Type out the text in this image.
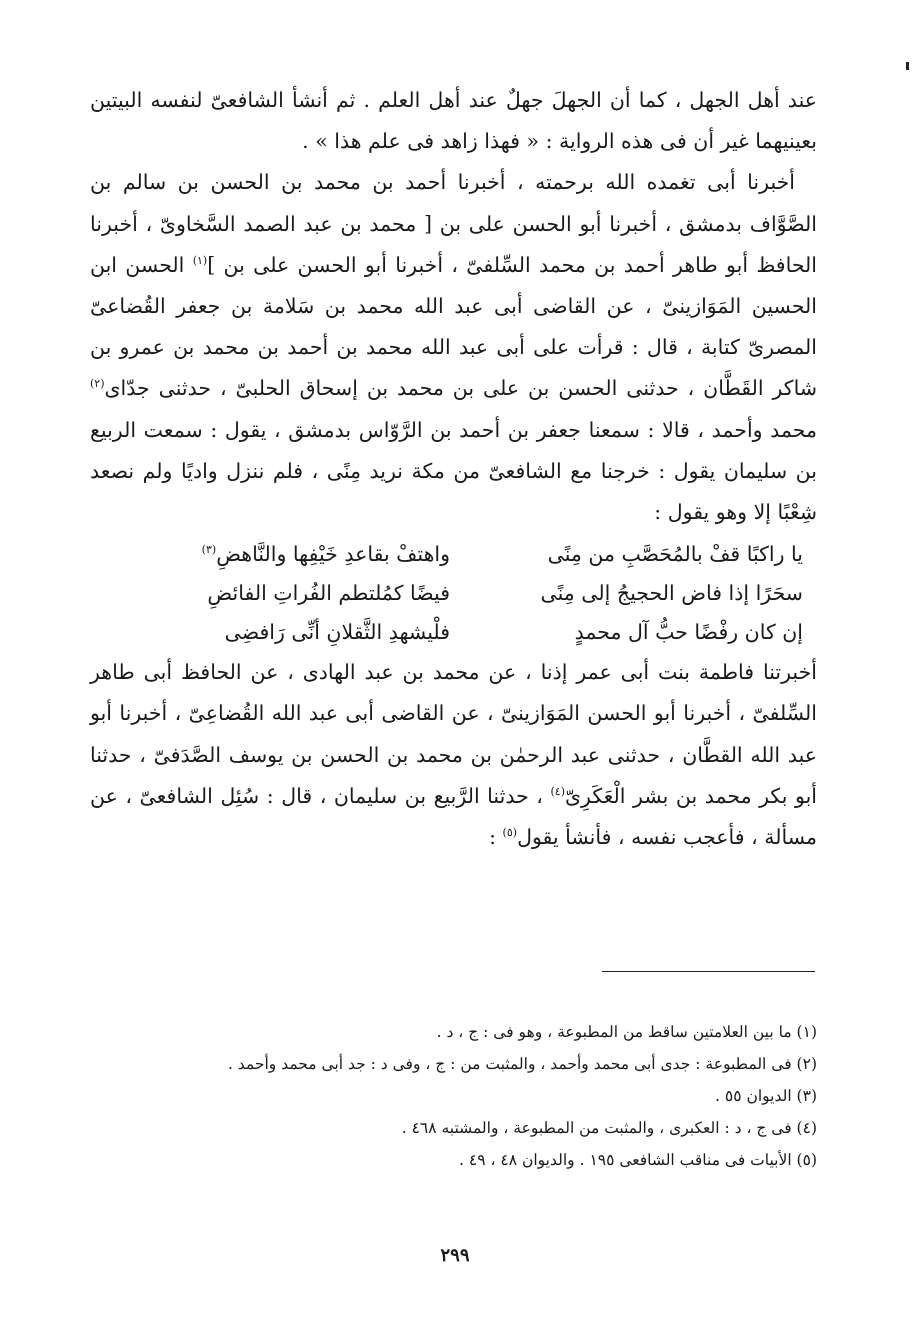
عند أهل الجهل ، كما أن الجهلَ جهلٌ عند أهل العلم . ثم أنشأ الشافعىّ لنفسه البيتين بعينيهما غير أن فى هذه الرواية : « فهذا زاهد فى علم هذا » .

أخبرنا أبى تغمده الله برحمته ، أخبرنا أحمد بن محمد بن الحسن بن سالم بن الصَّوَّاف بدمشق ، أخبرنا أبو الحسن على بن [ محمد بن عبد الصمد السَّخاوىّ ، أخبرنا الحافظ أبو طاهر أحمد بن محمد السِّلفىّ ، أخبرنا أبو الحسن على بن ]$^{(١)}$ الحسن ابن الحسين المَوَازينىّ ، عن القاضى أبى عبد الله محمد بن سَلامة بن جعفر القُضاعىّ المصرىّ كتابة ، قال : قرأت على أبى عبد الله محمد بن أحمد بن محمد بن عمرو بن شاكر القَطَّان ، حدثنى الحسن بن على بن محمد بن إسحاق الحلبىّ ، حدثنى جدّاى$^{(٢)}$ محمد وأحمد ، قالا : سمعنا جعفر بن أحمد بن الرَّوّاس بدمشق ، يقول : سمعت الربيع بن سليمان يقول : خرجنا مع الشافعىّ من مكة نريد مِنًى ، فلم ننزل واديًا ولم نصعد شِعْبًا إلا وهو يقول :

يا راكبًا قفْ بالمُحَصَّبِ من مِنًى
واهتفْ بقاعدِ خَيْفِها والنَّاهضِ$^{(٣)}$
سحَرًا إذا فاض الحجيجُ إلى مِنًى
فيضًا كمُلتطم الفُراتِ الفائضِ
إن كان رفْضًا حبُّ آل محمدٍ
فلْيشهدِ الثَّقلانِ أنِّى رَافضِى

أخبرتنا فاطمة بنت أبى عمر إذنا ، عن محمد بن عبد الهادى ، عن الحافظ أبى طاهر السِّلفىّ ، أخبرنا أبو الحسن المَوَازينىّ ، عن القاضى أبى عبد الله القُضاعِىّ ، أخبرنا أبو عبد الله القطَّان ، حدثنى عبد الرحمٰن بن محمد بن الحسن بن يوسف الصَّدَفىّ ، حدثنا أبو بكر محمد بن بشر الْعَكَرِىّ$^{(٤)}$ ، حدثنا الرَّبيع بن سليمان ، قال : سُئِل الشافعىّ ، عن مسألة ، فأعجب نفسه ، فأنشأ يقول$^{(٥)}$ :

(١) ما بين العلامتين ساقط من المطبوعة ، وهو فى : ج ، د .
(٢) فى المطبوعة : جدى أبى محمد وأحمد ، والمثبت من : ج ، وفى د : جد أبى محمد وأحمد .
(٣) الديوان ٥٥ .
(٤) فى ج ، د : العكبرى ، والمثبت من المطبوعة ، والمشتبه ٤٦٨ .
(٥) الأبيات فى مناقب الشافعى ١٩٥ . والديوان ٤٨ ، ٤٩ .
٢٩٩
